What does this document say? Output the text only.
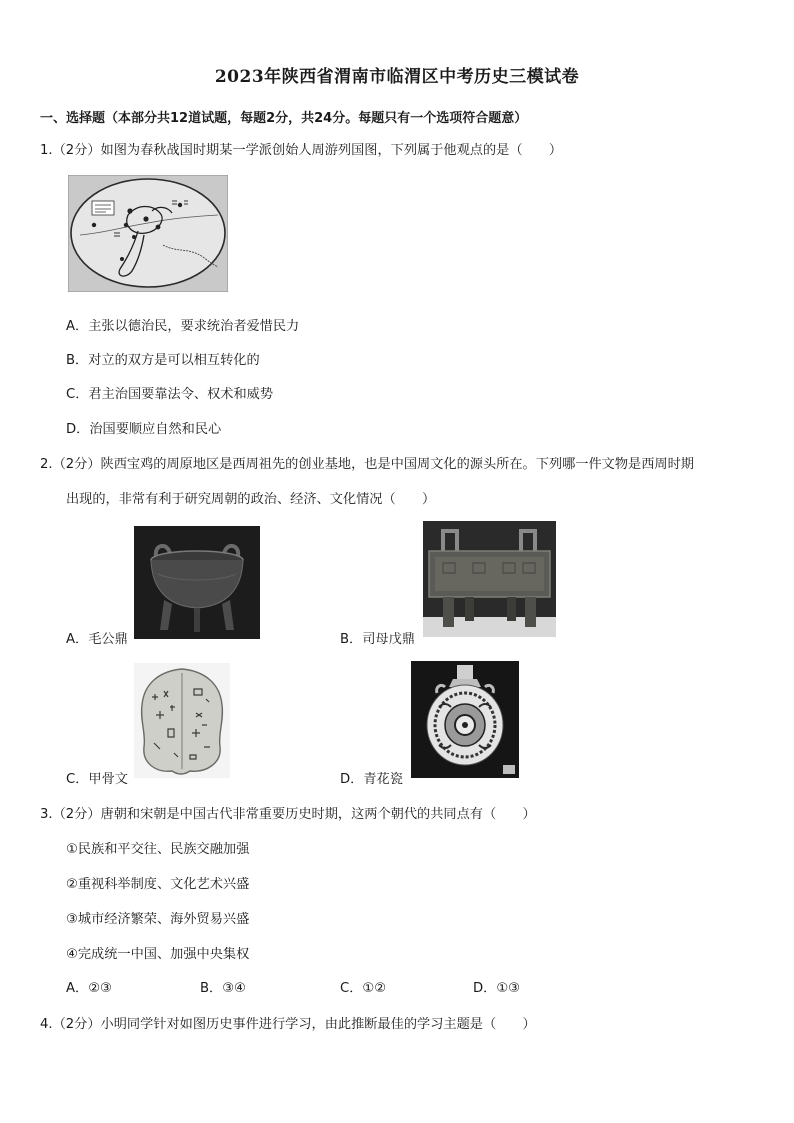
2023年陕西省渭南市临渭区中考历史三模试卷
一、选择题（本部分共12道试题，每题2分，共24分。每题只有一个选项符合题意）
1.（2分）如图为春秋战国时期某一学派创始人周游列国图，下列属于他观点的是（　　）
A．主张以德治民，要求统治者爱惜民力
B．对立的双方是可以相互转化的
C．君主治国要靠法令、权术和威势
D．治国要顺应自然和民心
2.（2分）陕西宝鸡的周原地区是西周祖先的创业基地，也是中国周文化的源头所在。下列哪一件文物是西周时期
出现的，非常有利于研究周朝的政治、经济、文化情况（　　）
A．毛公鼎	B．司母戊鼎
C．甲骨文	D．青花瓷
3.（2分）唐朝和宋朝是中国古代非常重要历史时期，这两个朝代的共同点有（　　）
①民族和平交往、民族交融加强
②重视科举制度、文化艺术兴盛
③城市经济繁荣、海外贸易兴盛
④完成统一中国、加强中央集权
A．②③	B．③④	C．①②	D．①③
4.（2分）小明同学针对如图历史事件进行学习，由此推断最佳的学习主题是（　　）
